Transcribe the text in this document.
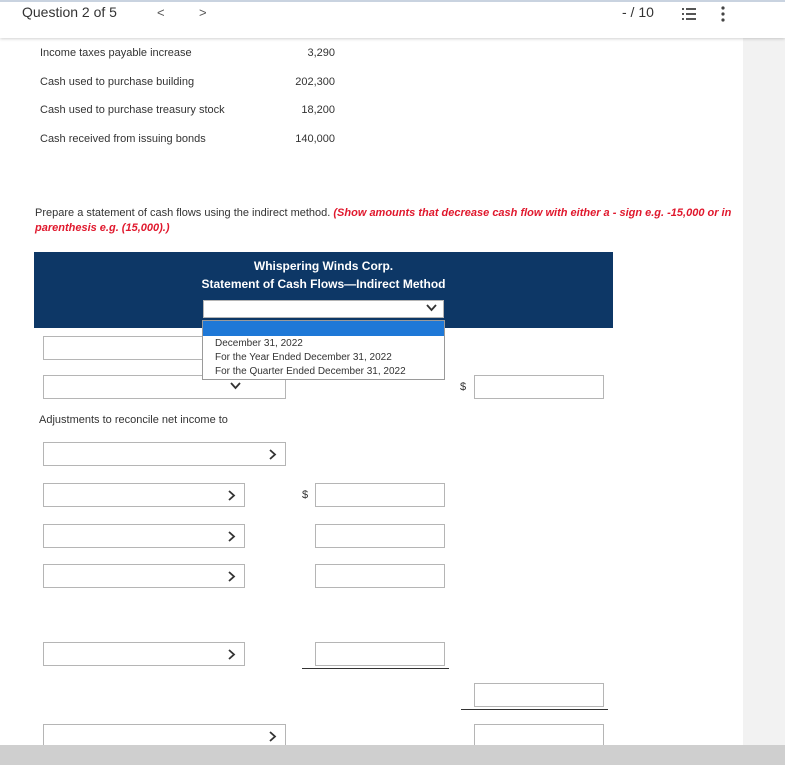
Question 2 of 5	<	>	- / 10
Income taxes payable increase	3,290
Cash used to purchase building	202,300
Cash used to purchase treasury stock	18,200
Cash received from issuing bonds	140,000
Prepare a statement of cash flows using the indirect method. (Show amounts that decrease cash flow with either a - sign e.g. -15,000 or in parenthesis e.g. (15,000).)
Whispering Winds Corp.
Statement of Cash Flows—Indirect Method
December 31, 2022
For the Year Ended December 31, 2022
For the Quarter Ended December 31, 2022
$
Adjustments to reconcile net income to
$
